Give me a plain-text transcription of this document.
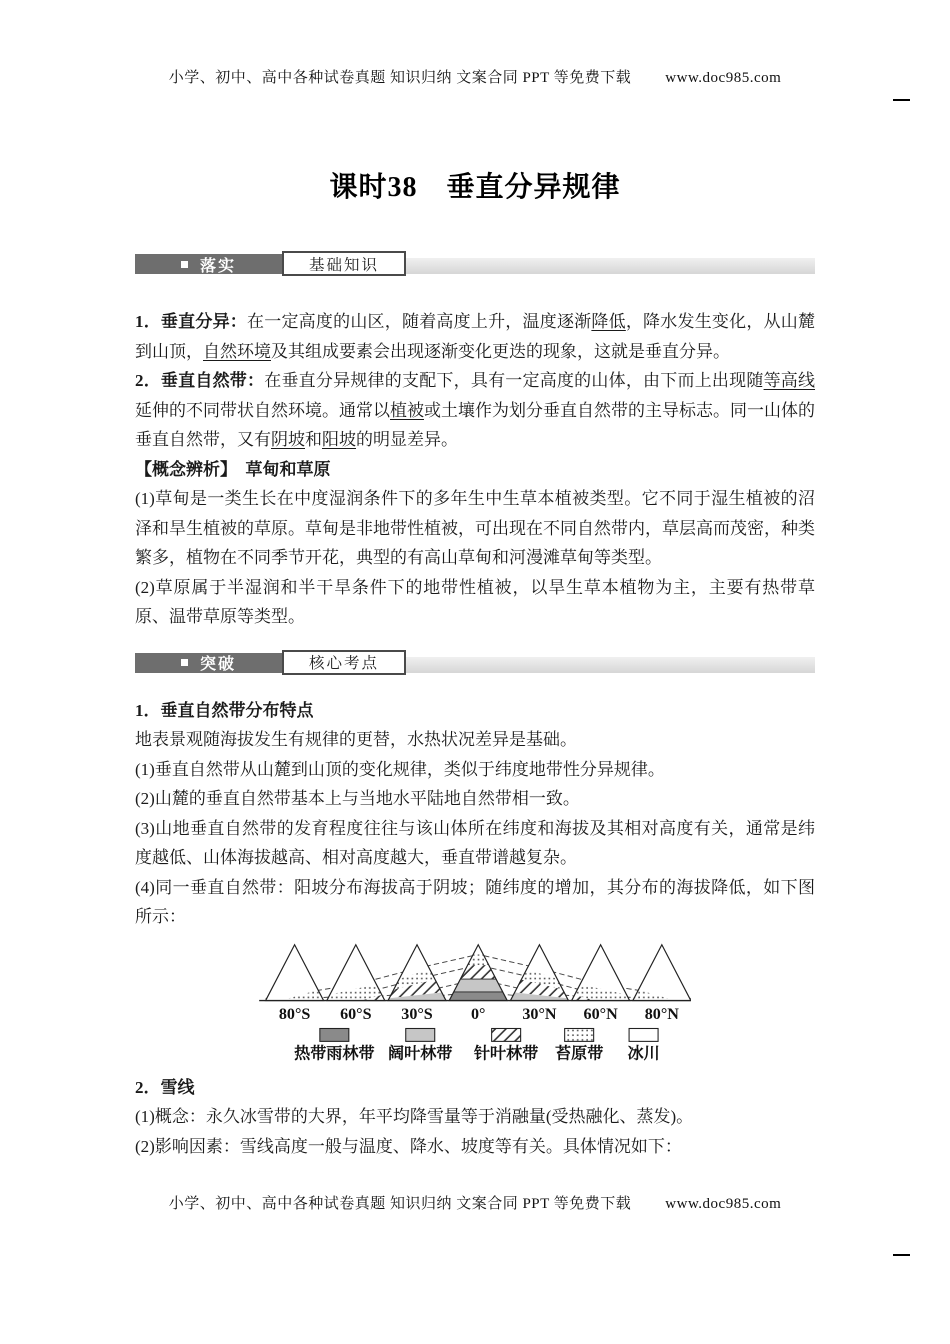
小学、初中、高中各种试卷真题 知识归纳 文案合同 PPT 等免费下载 www.doc985.com
课时38　垂直分异规律
落实	基础知识

1．垂直分异：在一定高度的山区，随着高度上升，温度逐渐降低，降水发生变化，从山麓到山顶，自然环境及其组成要素会出现逐渐变化更迭的现象，这就是垂直分异。

2．垂直自然带：在垂直分异规律的支配下，具有一定高度的山体，由下而上出现随等高线延伸的不同带状自然环境。通常以植被或土壤作为划分垂直自然带的主导标志。同一山体的垂直自然带，又有阴坡和阳坡的明显差异。

【概念辨析】　草甸和草原

(1)草甸是一类生长在中度湿润条件下的多年生中生草本植被类型。它不同于湿生植被的沼泽和旱生植被的草原。草甸是非地带性植被，可出现在不同自然带内，草层高而茂密，种类繁多，植物在不同季节开花，典型的有高山草甸和河漫滩草甸等类型。

(2)草原属于半湿润和半干旱条件下的地带性植被，以旱生草本植物为主，主要有热带草原、温带草原等类型。

突破	核心考点

1．垂直自然带分布特点

地表景观随海拔发生有规律的更替，水热状况差异是基础。

(1)垂直自然带从山麓到山顶的变化规律，类似于纬度地带性分异规律。

(2)山麓的垂直自然带基本上与当地水平陆地自然带相一致。

(3)山地垂直自然带的发育程度往往与该山体所在纬度和海拔及其相对高度有关，通常是纬度越低、山体海拔越高、相对高度越大，垂直带谱越复杂。

(4)同一垂直自然带：阳坡分布海拔高于阴坡；随纬度的增加，其分布的海拔降低，如下图所示：

80°S 60°S 30°S	0° 30°N 60°N 80°N
热带雨林带 阔叶林带 针叶林带 苔原带 冰川

2．雪线

(1)概念：永久冰雪带的大界，年平均降雪量等于消融量(受热融化、蒸发)。

(2)影响因素：雪线高度一般与温度、降水、坡度等有关。具体情况如下：

小学、初中、高中各种试卷真题 知识归纳 文案合同 PPT 等免费下载 www.doc985.com
